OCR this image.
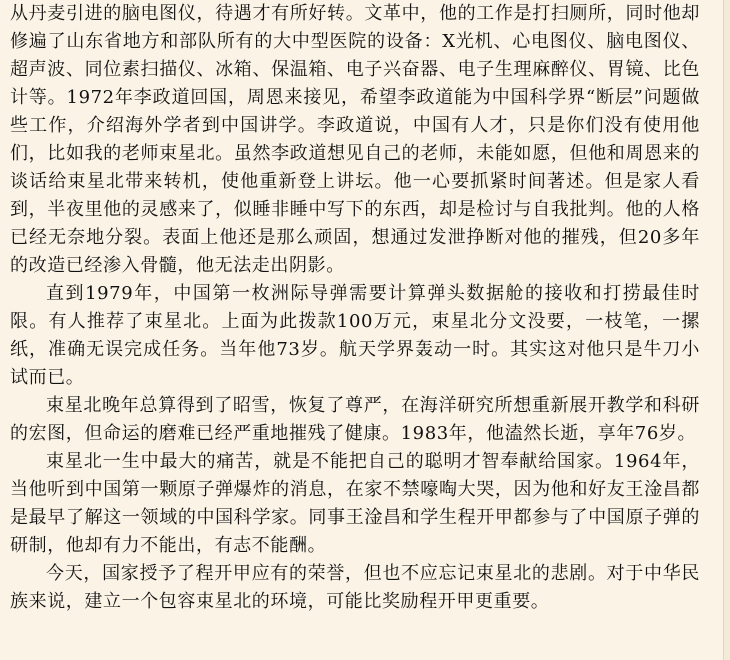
从丹麦引进的脑电图仪，待遇才有所好转。文革中，他的工作是打扫厕所，同时他却修遍了山东省地方和部队所有的大中型医院的设备：X光机、心电图仪、脑电图仪、超声波、同位素扫描仪、冰箱、保温箱、电子兴奋器、电子生理麻醉仪、胃镜、比色计等。1972年李政道回国，周恩来接见，希望李政道能为中国科学界“断层”问题做些工作，介绍海外学者到中国讲学。李政道说，中国有人才，只是你们没有使用他们，比如我的老师束星北。虽然李政道想见自己的老师，未能如愿，但他和周恩来的谈话给束星北带来转机，使他重新登上讲坛。他一心要抓紧时间著述。但是家人看到，半夜里他的灵感来了，似睡非睡中写下的东西，却是检讨与自我批判。他的人格已经无奈地分裂。表面上他还是那么顽固，想通过发泄挣断对他的摧残，但20多年的改造已经渗入骨髓，他无法走出阴影。

直到1979年，中国第一枚洲际导弹需要计算弹头数据舱的接收和打捞最佳时限。有人推荐了束星北。上面为此拨款100万元，束星北分文没要，一枝笔，一摞纸，准确无误完成任务。当年他73岁。航天学界轰动一时。其实这对他只是牛刀小试而已。

束星北晚年总算得到了昭雪，恢复了尊严，在海洋研究所想重新展开教学和科研的宏图，但命运的磨难已经严重地摧残了健康。1983年，他溘然长逝，享年76岁。

束星北一生中最大的痛苦，就是不能把自己的聪明才智奉献给国家。1964年，当他听到中国第一颗原子弹爆炸的消息，在家不禁嚎啕大哭，因为他和好友王淦昌都是最早了解这一领域的中国科学家。同事王淦昌和学生程开甲都参与了中国原子弹的研制，他却有力不能出，有志不能酬。

今天，国家授予了程开甲应有的荣誉，但也不应忘记束星北的悲剧。对于中华民族来说，建立一个包容束星北的环境，可能比奖励程开甲更重要。
